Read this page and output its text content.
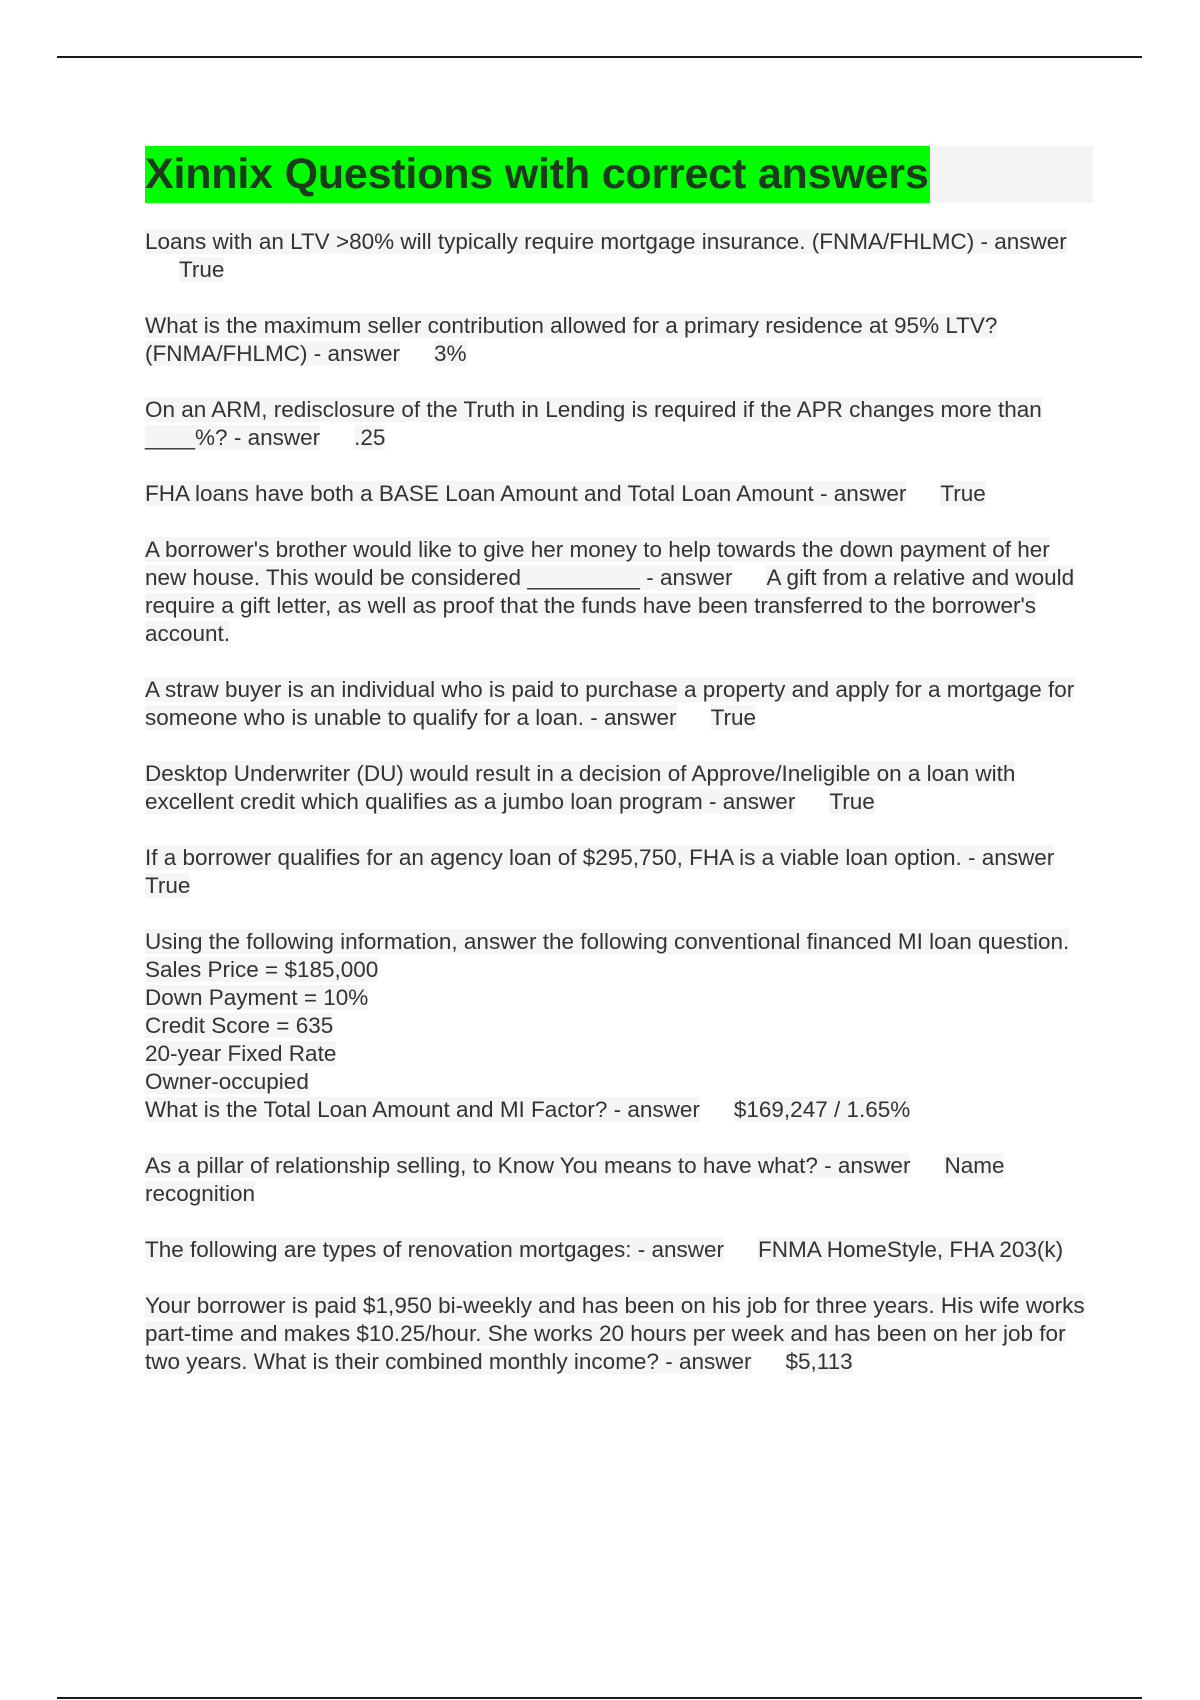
Xinnix Questions with correct answers
Loans with an LTV >80% will typically require mortgage insurance. (FNMA/FHLMC) - answerTrue
What is the maximum seller contribution allowed for a primary residence at 95% LTV? (FNMA/FHLMC) - answer 3%
On an ARM, redisclosure of the Truth in Lending is required if the APR changes more than ____%? - answer .25
FHA loans have both a BASE Loan Amount and Total Loan Amount - answer True
A borrower's brother would like to give her money to help towards the down payment of her new house. This would be considered _________ - answer A gift from a relative and would require a gift letter, as well as proof that the funds have been transferred to the borrower's account.
A straw buyer is an individual who is paid to purchase a property and apply for a mortgage for someone who is unable to qualify for a loan. - answer True
Desktop Underwriter (DU) would result in a decision of Approve/Ineligible on a loan with excellent credit which qualifies as a jumbo loan program - answer True
If a borrower qualifies for an agency loan of $295,750, FHA is a viable loan option. - answerTrue
Using the following information, answer the following conventional financed MI loan question.
Sales Price = $185,000
Down Payment = 10%
Credit Score = 635
20-year Fixed Rate
Owner-occupied
What is the Total Loan Amount and MI Factor? - answer $169,247 / 1.65%
As a pillar of relationship selling, to Know You means to have what? - answer Name recognition
The following are types of renovation mortgages: - answer FNMA HomeStyle, FHA 203(k)
Your borrower is paid $1,950 bi-weekly and has been on his job for three years. His wife works part-time and makes $10.25/hour. She works 20 hours per week and has been on her job for two years. What is their combined monthly income? - answer $5,113
